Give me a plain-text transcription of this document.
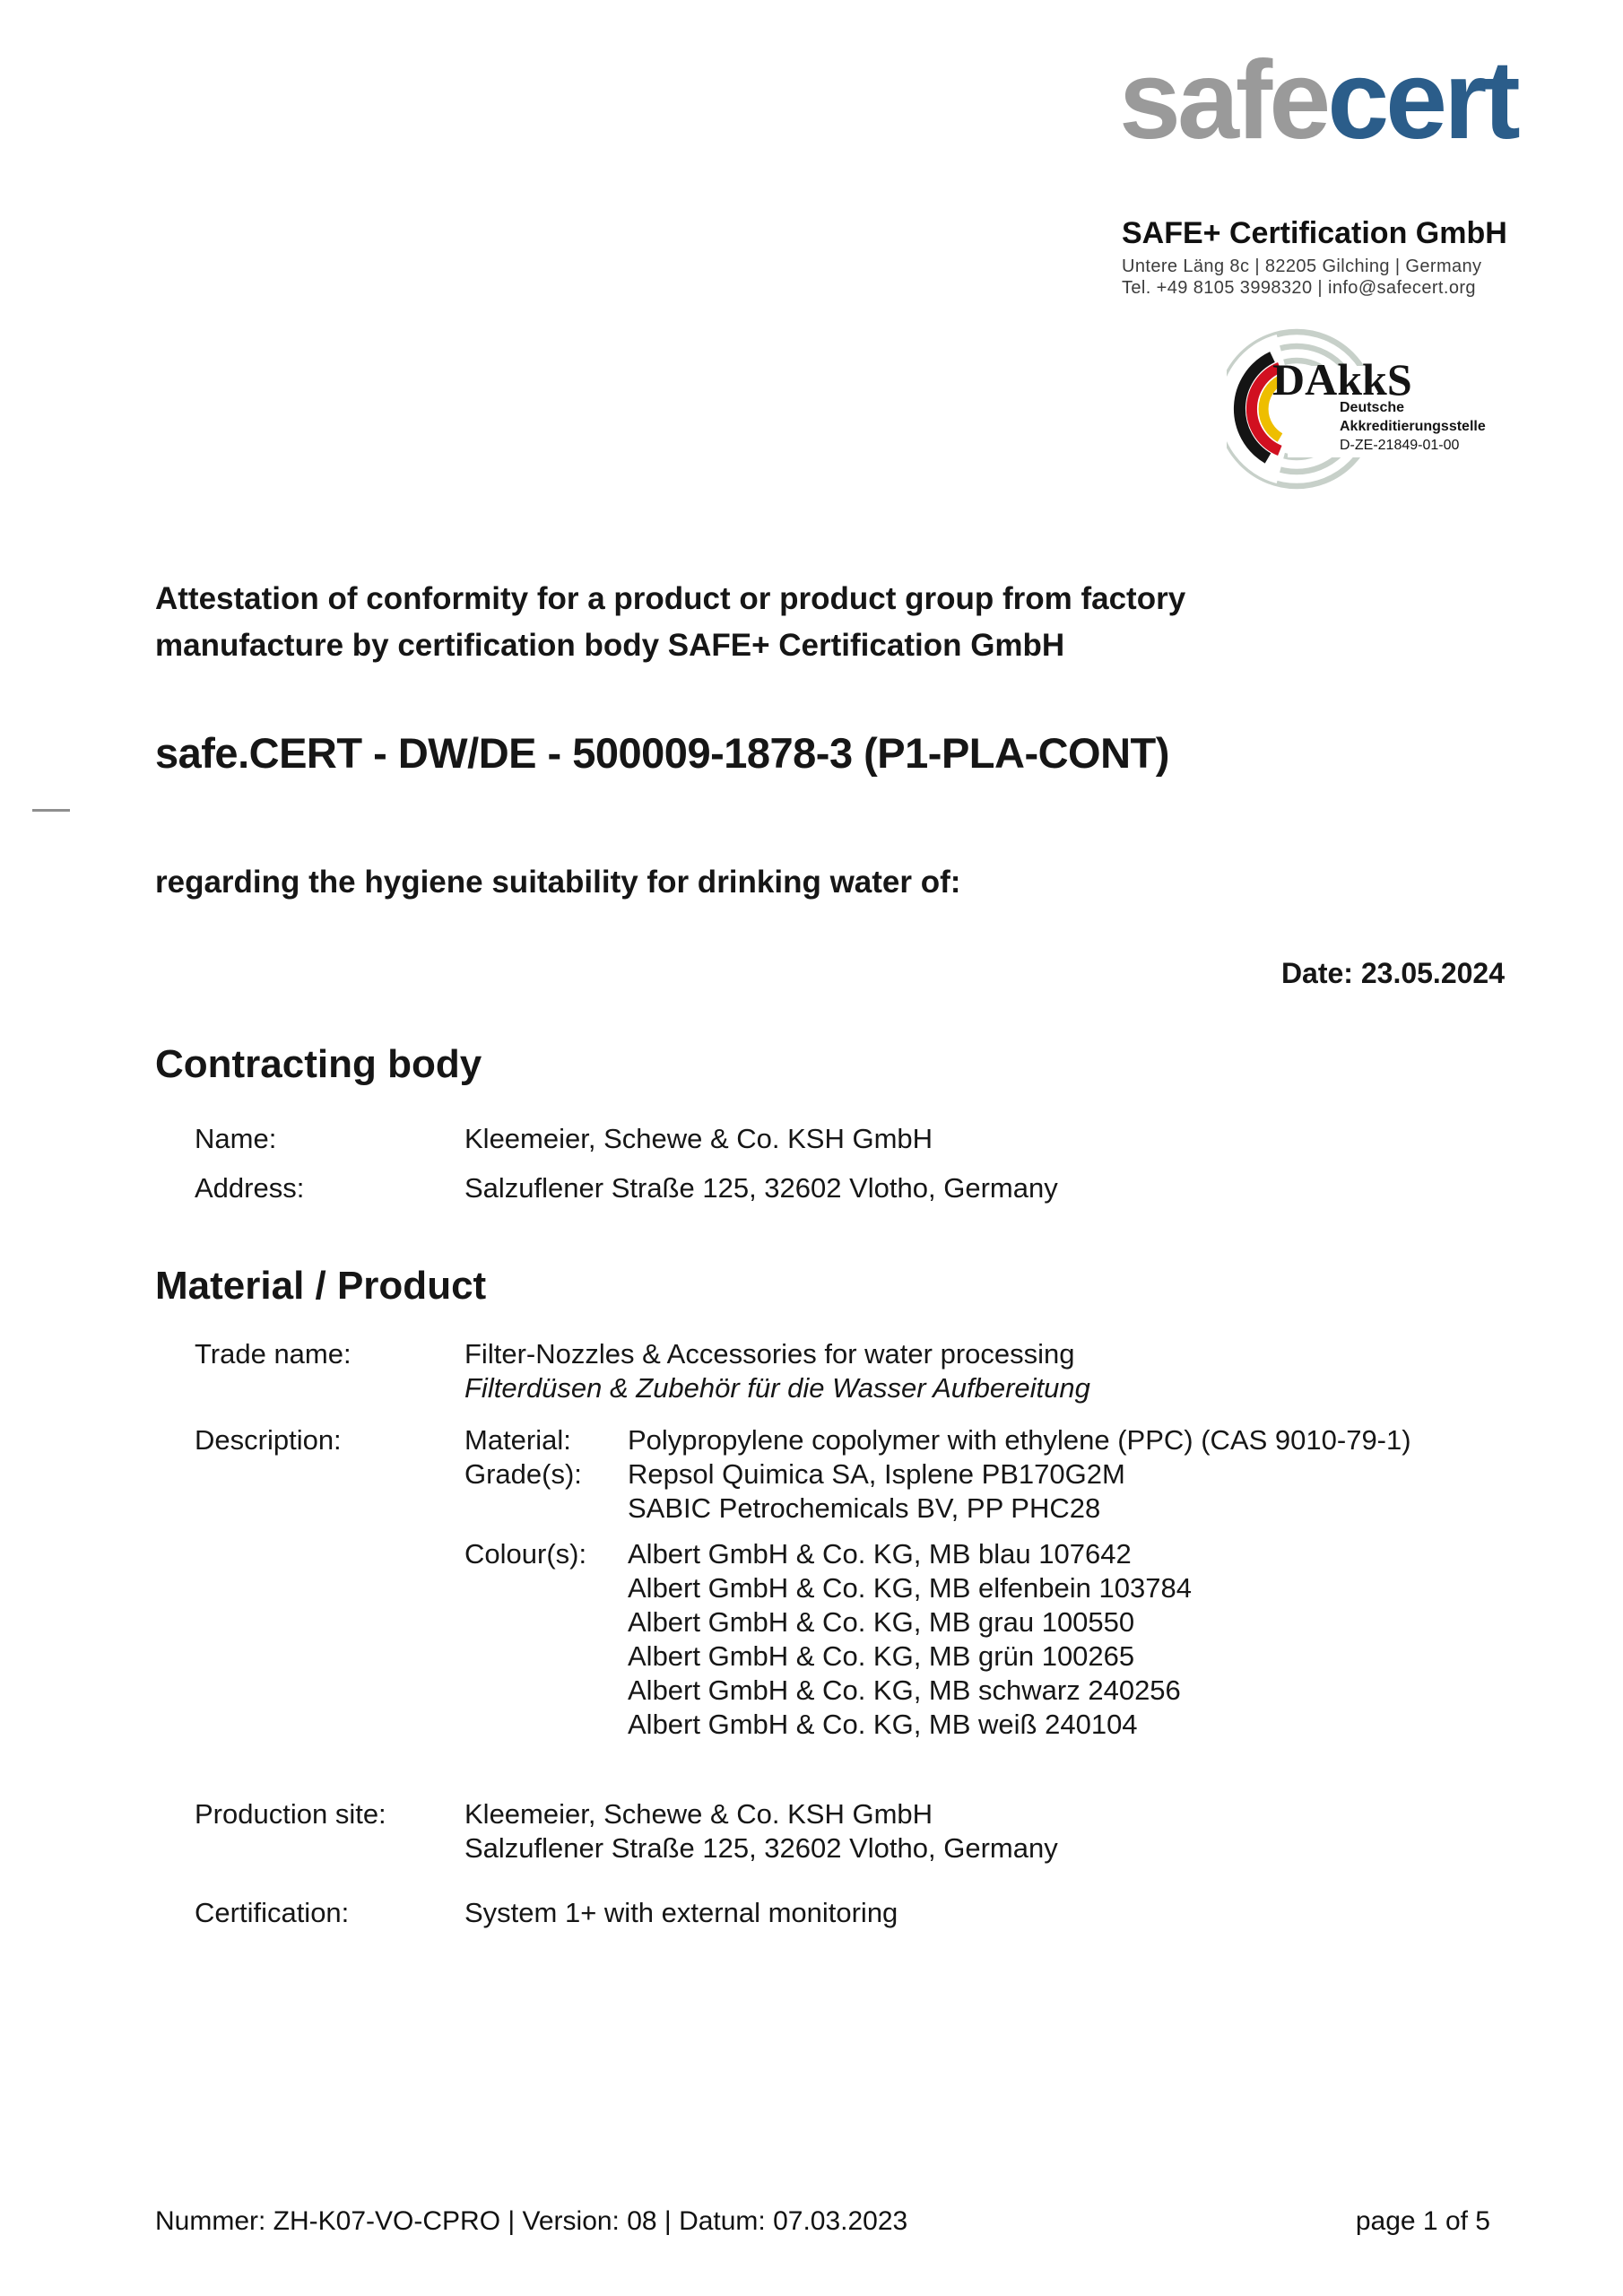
safecert
SAFE+ Certification GmbH
Untere Läng 8c | 82205 Gilching | Germany
Tel. +49 8105 3998320 | info@safecert.org
DAkkS
Deutsche
Akkreditierungsstelle
D-ZE-21849-01-00
Attestation of conformity for a product or product group from factory
manufacture by certification body SAFE+ Certification GmbH
safe.CERT - DW/DE - 500009-1878-3 (P1-PLA-CONT)
regarding the hygiene suitability for drinking water of:
Date: 23.05.2024
Contracting body
Name:	Kleemeier, Schewe & Co. KSH GmbH
Address:	Salzuflener Straße 125, 32602 Vlotho, Germany
Material / Product
Trade name:	Filter-Nozzles & Accessories for water processing
Filterdüsen & Zubehör für die Wasser Aufbereitung
Description:	Material: Polypropylene copolymer with ethylene (PPC) (CAS 9010-79-1)
Grade(s): Repsol Quimica SA, Isplene PB170G2M
SABIC Petrochemicals BV, PP PHC28
Colour(s): Albert GmbH & Co. KG, MB blau 107642
Albert GmbH & Co. KG, MB elfenbein 103784
Albert GmbH & Co. KG, MB grau 100550
Albert GmbH & Co. KG, MB grün 100265
Albert GmbH & Co. KG, MB schwarz 240256
Albert GmbH & Co. KG, MB weiß 240104
Production site:	Kleemeier, Schewe & Co. KSH GmbH
Salzuflener Straße 125, 32602 Vlotho, Germany
Certification:	System 1+ with external monitoring
Nummer: ZH-K07-VO-CPRO | Version: 08 | Datum: 07.03.2023	page 1 of 5
